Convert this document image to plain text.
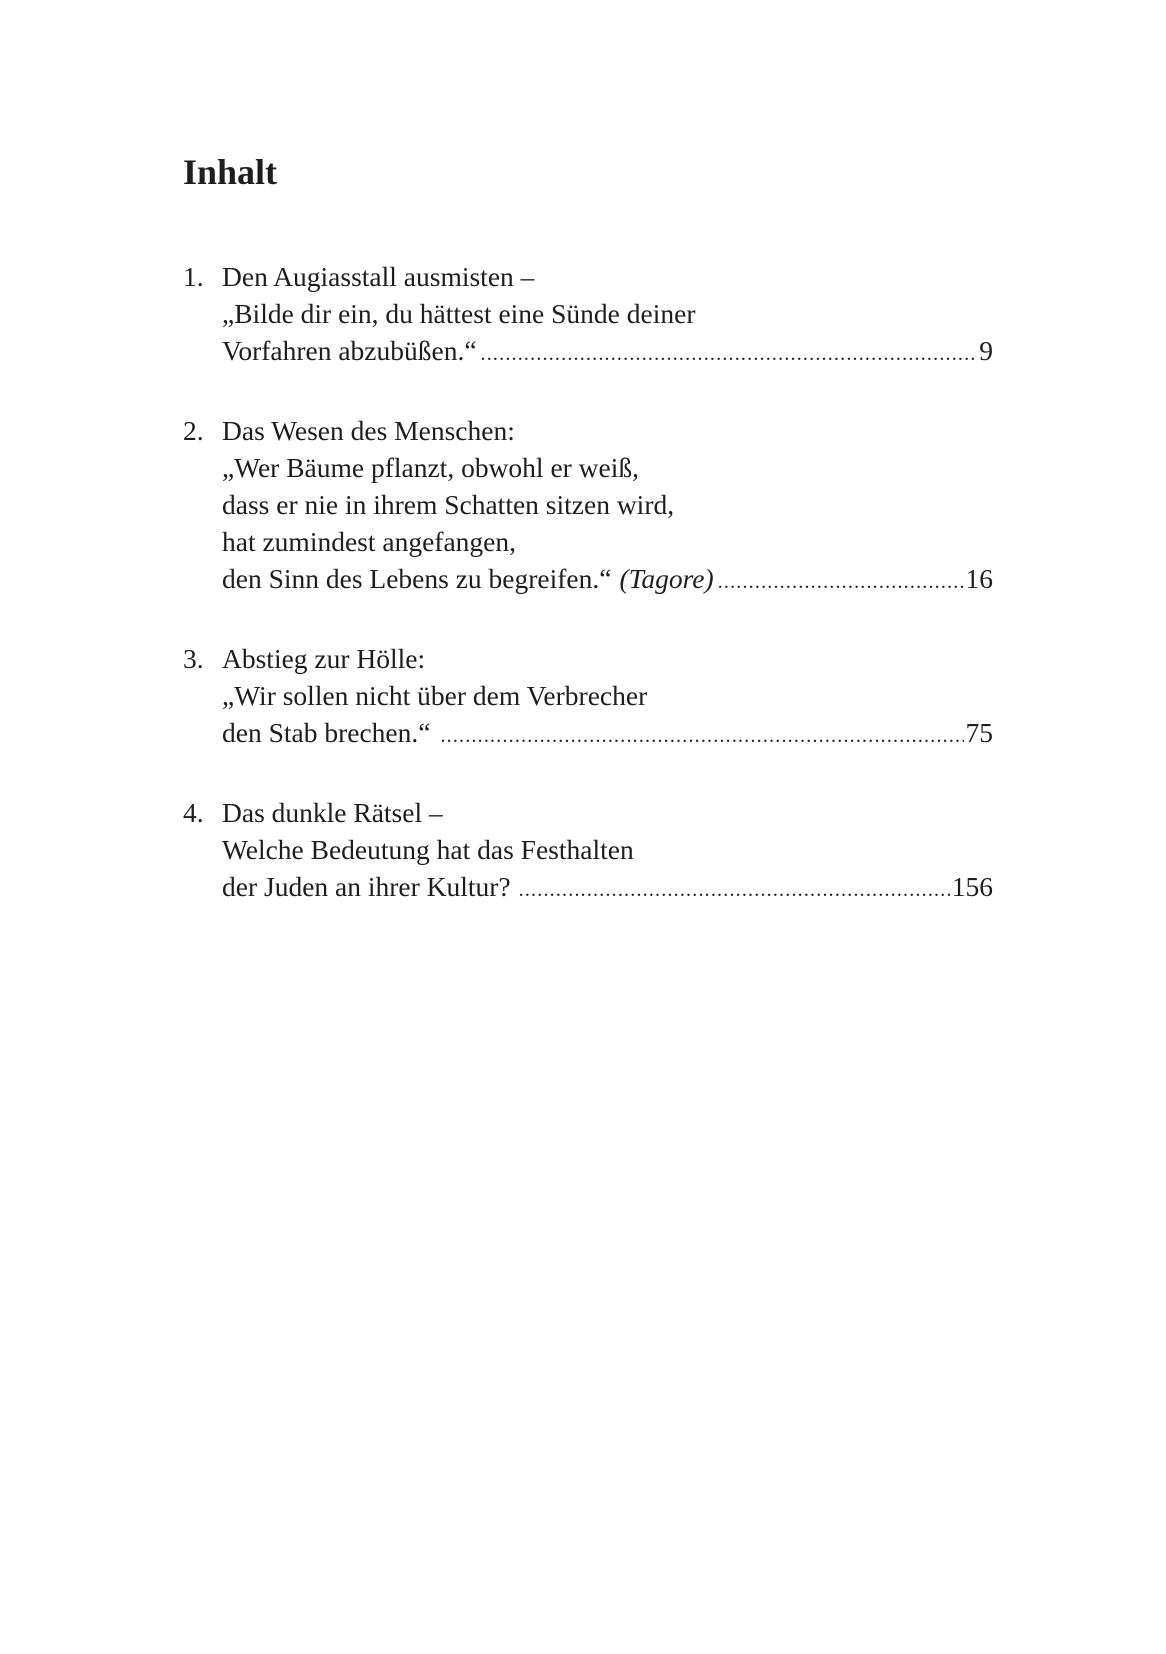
Inhalt
1. Den Augiasstall ausmisten –
„Bilde dir ein, du hättest eine Sünde deiner
Vorfahren abzubüßen.“ .....	9
2. Das Wesen des Menschen:
„Wer Bäume pflanzt, obwohl er weiß,
dass er nie in ihrem Schatten sitzen wird,
hat zumindest angefangen,
den Sinn des Lebens zu begreifen.“ (Tagore) .....	16
3. Abstieg zur Hölle:
„Wir sollen nicht über dem Verbrecher
den Stab brechen.“ .....	75
4. Das dunkle Rätsel –
Welche Bedeutung hat das Festhalten
der Juden an ihrer Kultur? .....	156
